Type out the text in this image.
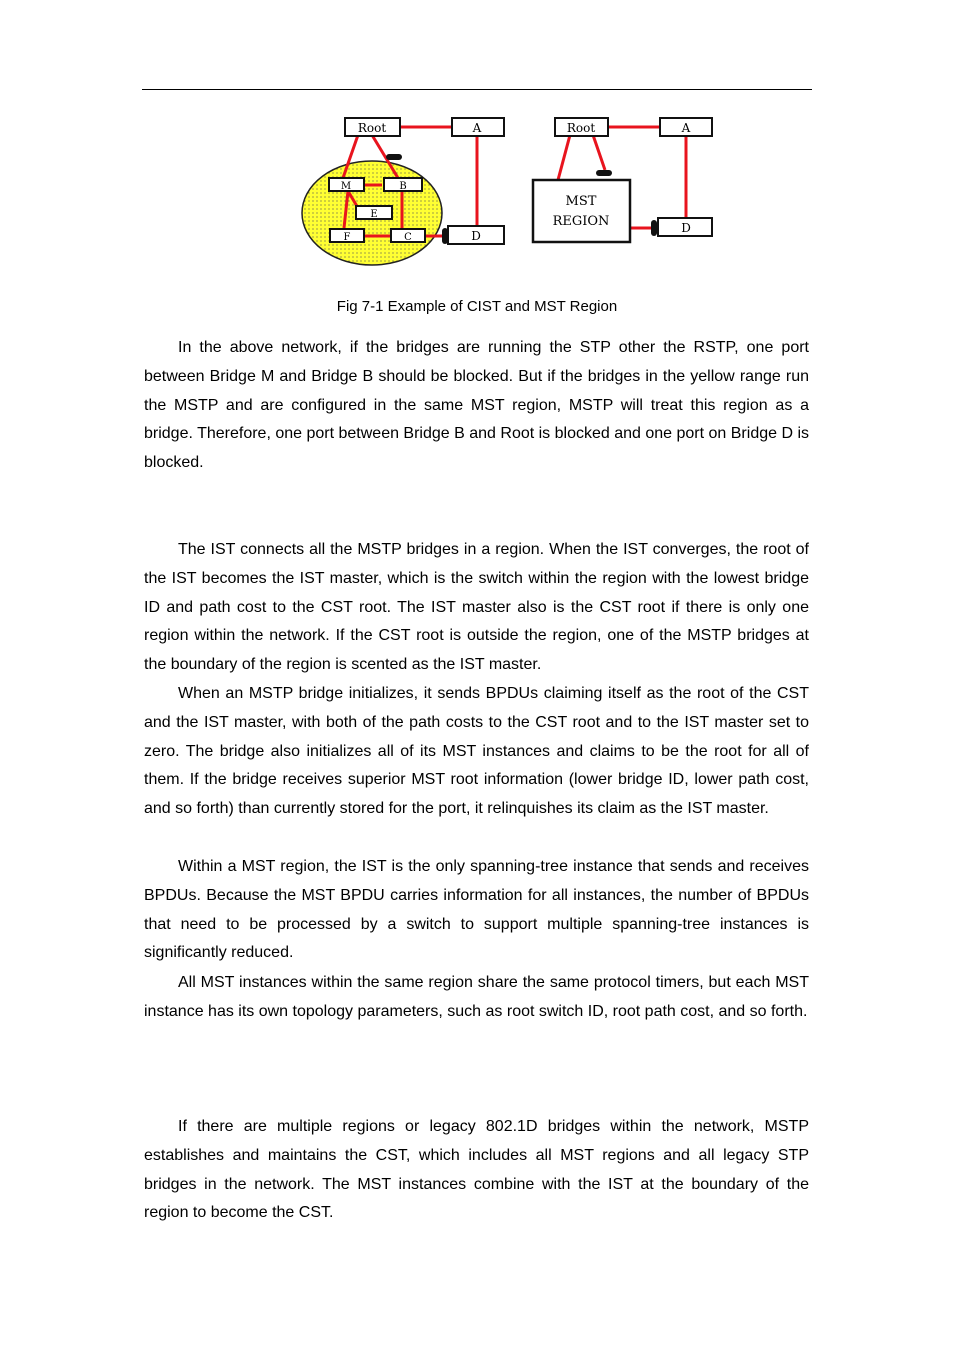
Root	A
D
M	B
E
F	C
Root	A
MST
REGION	D
Fig 7-1 Example of CIST and MST Region

In the above network, if the bridges are running the STP other the RSTP, one port between Bridge M and Bridge B should be blocked. But if the bridges in the yellow range run the MSTP and are configured in the same MST region, MSTP will treat this region as a bridge. Therefore, one port between Bridge B and Root is blocked and one port on Bridge D is blocked.

The IST connects all the MSTP bridges in a region. When the IST converges, the root of the IST becomes the IST master, which is the switch within the region with the lowest bridge ID and path cost to the CST root. The IST master also is the CST root if there is only one region within the network. If the CST root is outside the region, one of the MSTP bridges at the boundary of the region is scented as the IST master.

When an MSTP bridge initializes, it sends BPDUs claiming itself as the root of the CST and the IST master, with both of the path costs to the CST root and to the IST master set to zero. The bridge also initializes all of its MST instances and claims to be the root for all of them. If the bridge receives superior MST root information (lower bridge ID, lower path cost, and so forth) than currently stored for the port, it relinquishes its claim as the IST master.

Within a MST region, the IST is the only spanning-tree instance that sends and receives BPDUs. Because the MST BPDU carries information for all instances, the number of BPDUs that need to be processed by a switch to support multiple spanning-tree instances is significantly reduced.

All MST instances within the same region share the same protocol timers, but each MST instance has its own topology parameters, such as root switch ID, root path cost, and so forth.

If there are multiple regions or legacy 802.1D bridges within the network, MSTP establishes and maintains the CST, which includes all MST regions and all legacy STP bridges in the network. The MST instances combine with the IST at the boundary of the region to become the CST.
